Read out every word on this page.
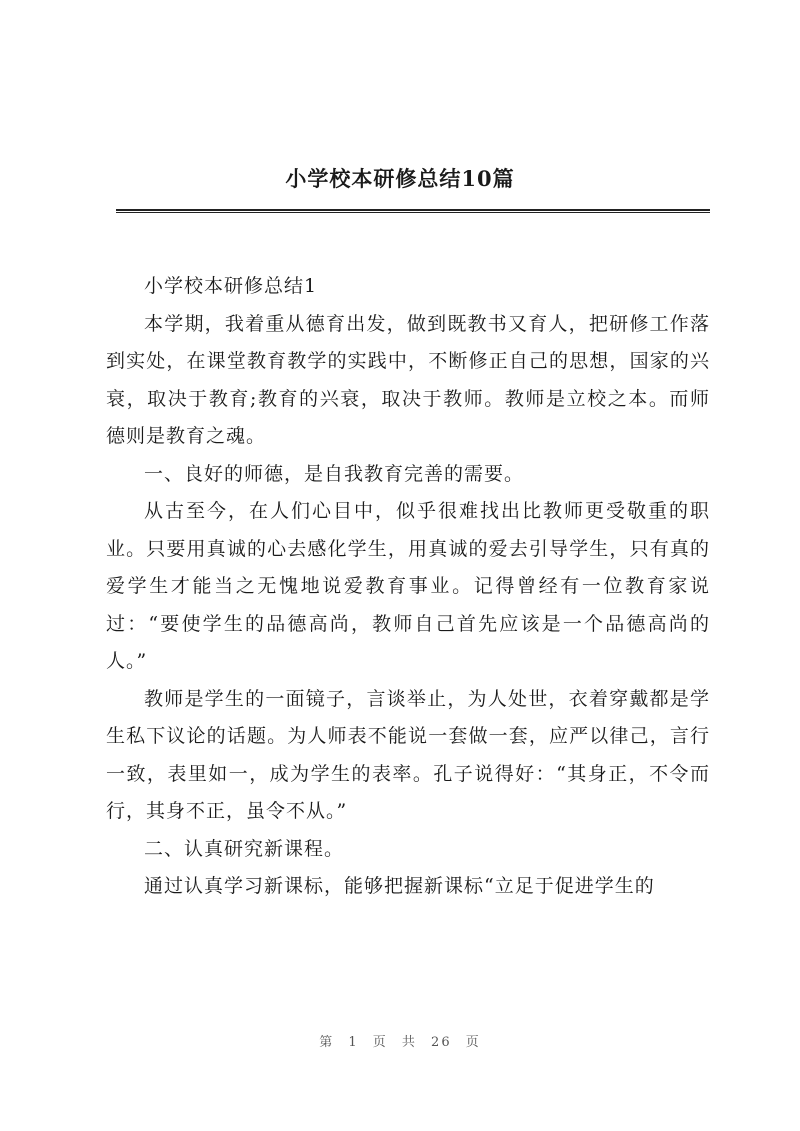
小学校本研修总结10篇

小学校本研修总结1

本学期，我着重从德育出发，做到既教书又育人，把研修工作落到实处，在课堂教育教学的实践中，不断修正自己的思想，国家的兴衰，取决于教育;教育的兴衰，取决于教师。教师是立校之本。而师德则是教育之魂。

一、良好的师德，是自我教育完善的需要。

从古至今，在人们心目中，似乎很难找出比教师更受敬重的职业。只要用真诚的心去感化学生，用真诚的爱去引导学生，只有真的爱学生才能当之无愧地说爱教育事业。记得曾经有一位教育家说过：“要使学生的品德高尚，教师自己首先应该是一个品德高尚的人。”

教师是学生的一面镜子，言谈举止，为人处世，衣着穿戴都是学生私下议论的话题。为人师表不能说一套做一套，应严以律己，言行一致，表里如一，成为学生的表率。孔子说得好：“其身正，不令而行，其身不正，虽令不从。”

二、认真研究新课程。

通过认真学习新课标，能够把握新课标“立足于促进学生的

第 1 页 共 26 页
